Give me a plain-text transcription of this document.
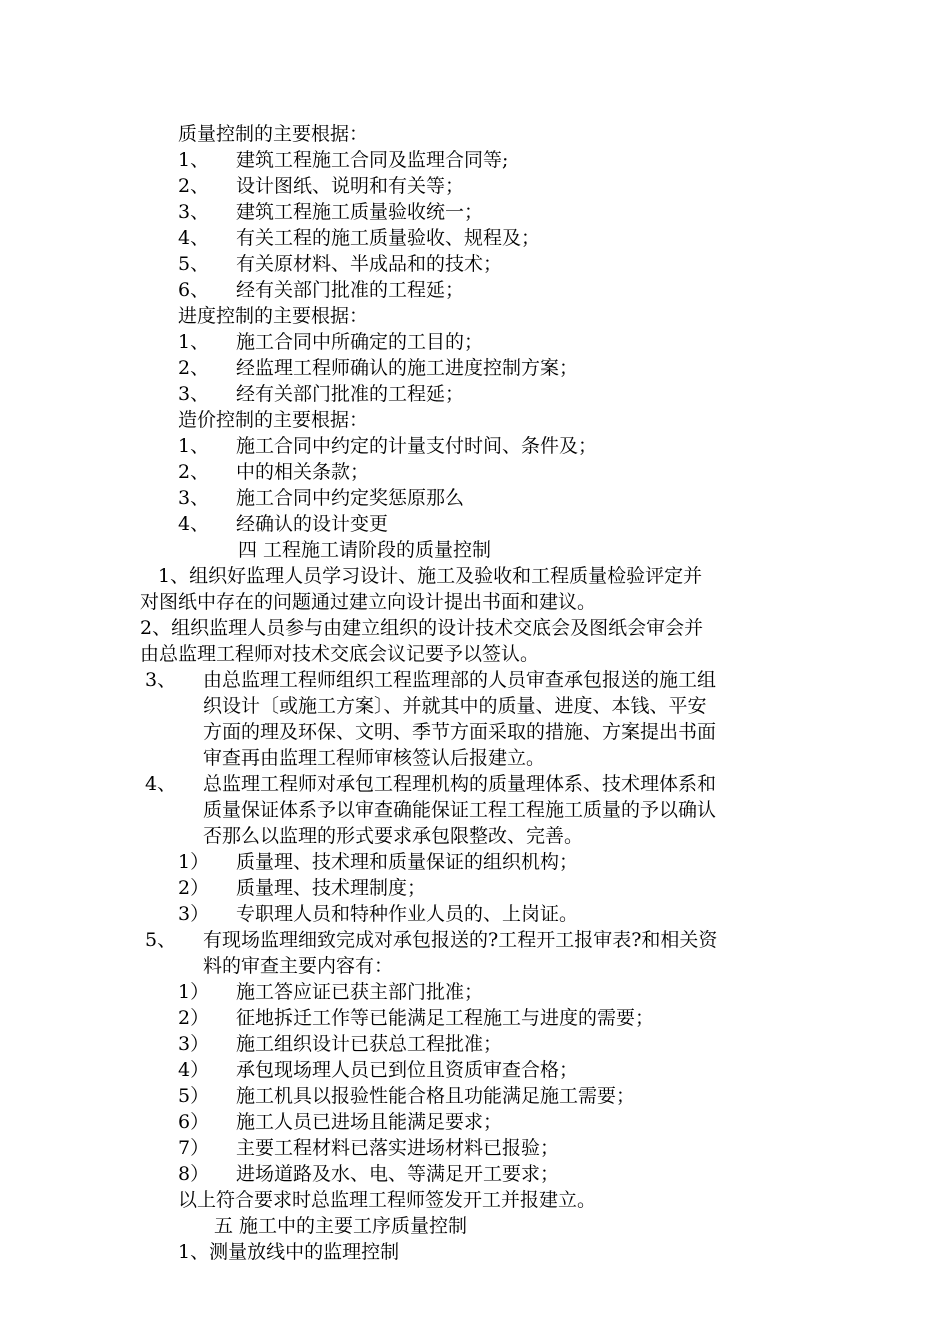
质量控制的主要根据：
1、 建筑工程施工合同及监理合同等;
2、 设计图纸、说明和有关等；
3、 建筑工程施工质量验收统一；
4、 有关工程的施工质量验收、规程及；
5、 有关原材料、半成品和的技术；
6、 经有关部门批准的工程延；
进度控制的主要根据：
1、 施工合同中所确定的工目的；
2、 经监理工程师确认的施工进度控制方案；
3、 经有关部门批准的工程延；
造价控制的主要根据：
1、 施工合同中约定的计量支付时间、条件及；
2、 中的相关条款；
3、 施工合同中约定奖惩原那么
4、 经确认的设计变更
四 工程施工请阶段的质量控制
1、组织好监理人员学习设计、施工及验收和工程质量检验评定并
对图纸中存在的问题通过建立向设计提出书面和建议。
2、组织监理人员参与由建立组织的设计技术交底会及图纸会审会并
由总监理工程师对技术交底会议记要予以签认。
3、 由总监理工程师组织工程监理部的人员审查承包报送的施工组
织设计〔或施工方案〕、并就其中的质量、进度、本钱、平安
方面的理及环保、文明、季节方面采取的措施、方案提出书面
审查再由监理工程师审核签认后报建立。
4、 总监理工程师对承包工程理机构的质量理体系、技术理体系和
质量保证体系予以审查确能保证工程工程施工质量的予以确认
否那么以监理的形式要求承包限整改、完善。
1） 质量理、技术理和质量保证的组织机构；
2） 质量理、技术理制度；
3） 专职理人员和特种作业人员的、上岗证。
5、 有现场监理细致完成对承包报送的?工程开工报审表?和相关资
料的审查主要内容有：
1） 施工答应证已获主部门批准；
2） 征地拆迁工作等已能满足工程施工与进度的需要；
3） 施工组织设计已获总工程批准；
4） 承包现场理人员已到位且资质审查合格；
5） 施工机具以报验性能合格且功能满足施工需要；
6） 施工人员已进场且能满足要求；
7） 主要工程材料已落实进场材料已报验；
8） 进场道路及水、电、等满足开工要求；
以上符合要求时总监理工程师签发开工并报建立。
五 施工中的主要工序质量控制
1、测量放线中的监理控制
